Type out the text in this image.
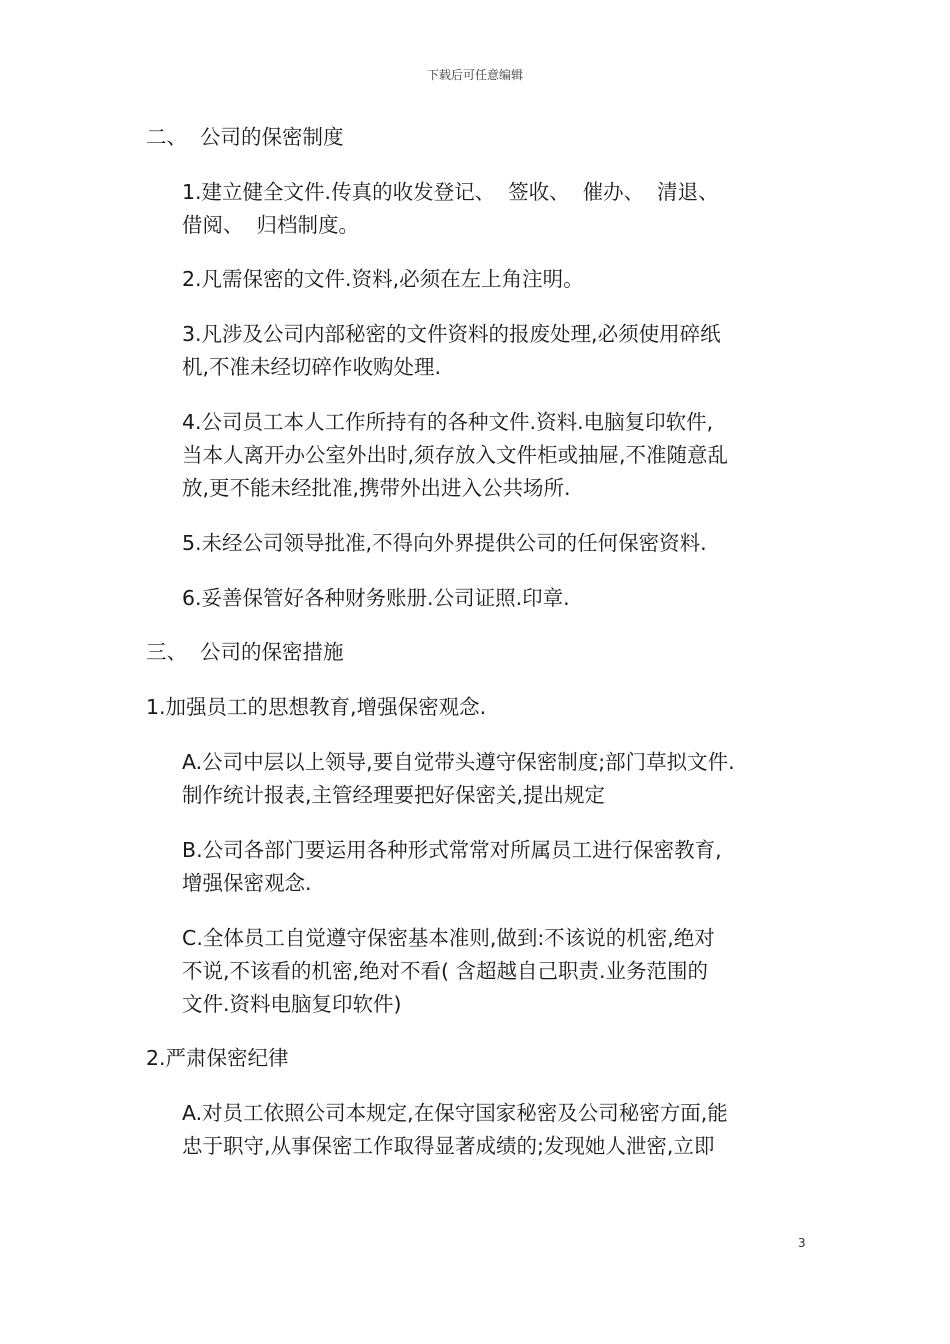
下载后可任意编辑
二、  公司的保密制度
1.建立健全文件.传真的收发登记、  签收、  催办、  清退、
借阅、  归档制度。
2.凡需保密的文件.资料,必须在左上角注明。
3.凡涉及公司内部秘密的文件资料的报废处理,必须使用碎纸
机,不准未经切碎作收购处理.
4.公司员工本人工作所持有的各种文件.资料.电脑复印软件,
当本人离开办公室外出时,须存放入文件柜或抽屉,不准随意乱
放,更不能未经批准,携带外出进入公共场所.
5.未经公司领导批准,不得向外界提供公司的任何保密资料.
6.妥善保管好各种财务账册.公司证照.印章.
三、  公司的保密措施
1.加强员工的思想教育,增强保密观念.
A.公司中层以上领导,要自觉带头遵守保密制度;部门草拟文件.
制作统计报表,主管经理要把好保密关,提出规定
B.公司各部门要运用各种形式常常对所属员工进行保密教育,
增强保密观念.
C.全体员工自觉遵守保密基本准则,做到:不该说的机密,绝对
不说,不该看的机密,绝对不看( 含超越自己职责.业务范围的
文件.资料电脑复印软件)
2.严肃保密纪律
A.对员工依照公司本规定,在保守国家秘密及公司秘密方面,能
忠于职守,从事保密工作取得显著成绩的;发现她人泄密,立即
3
